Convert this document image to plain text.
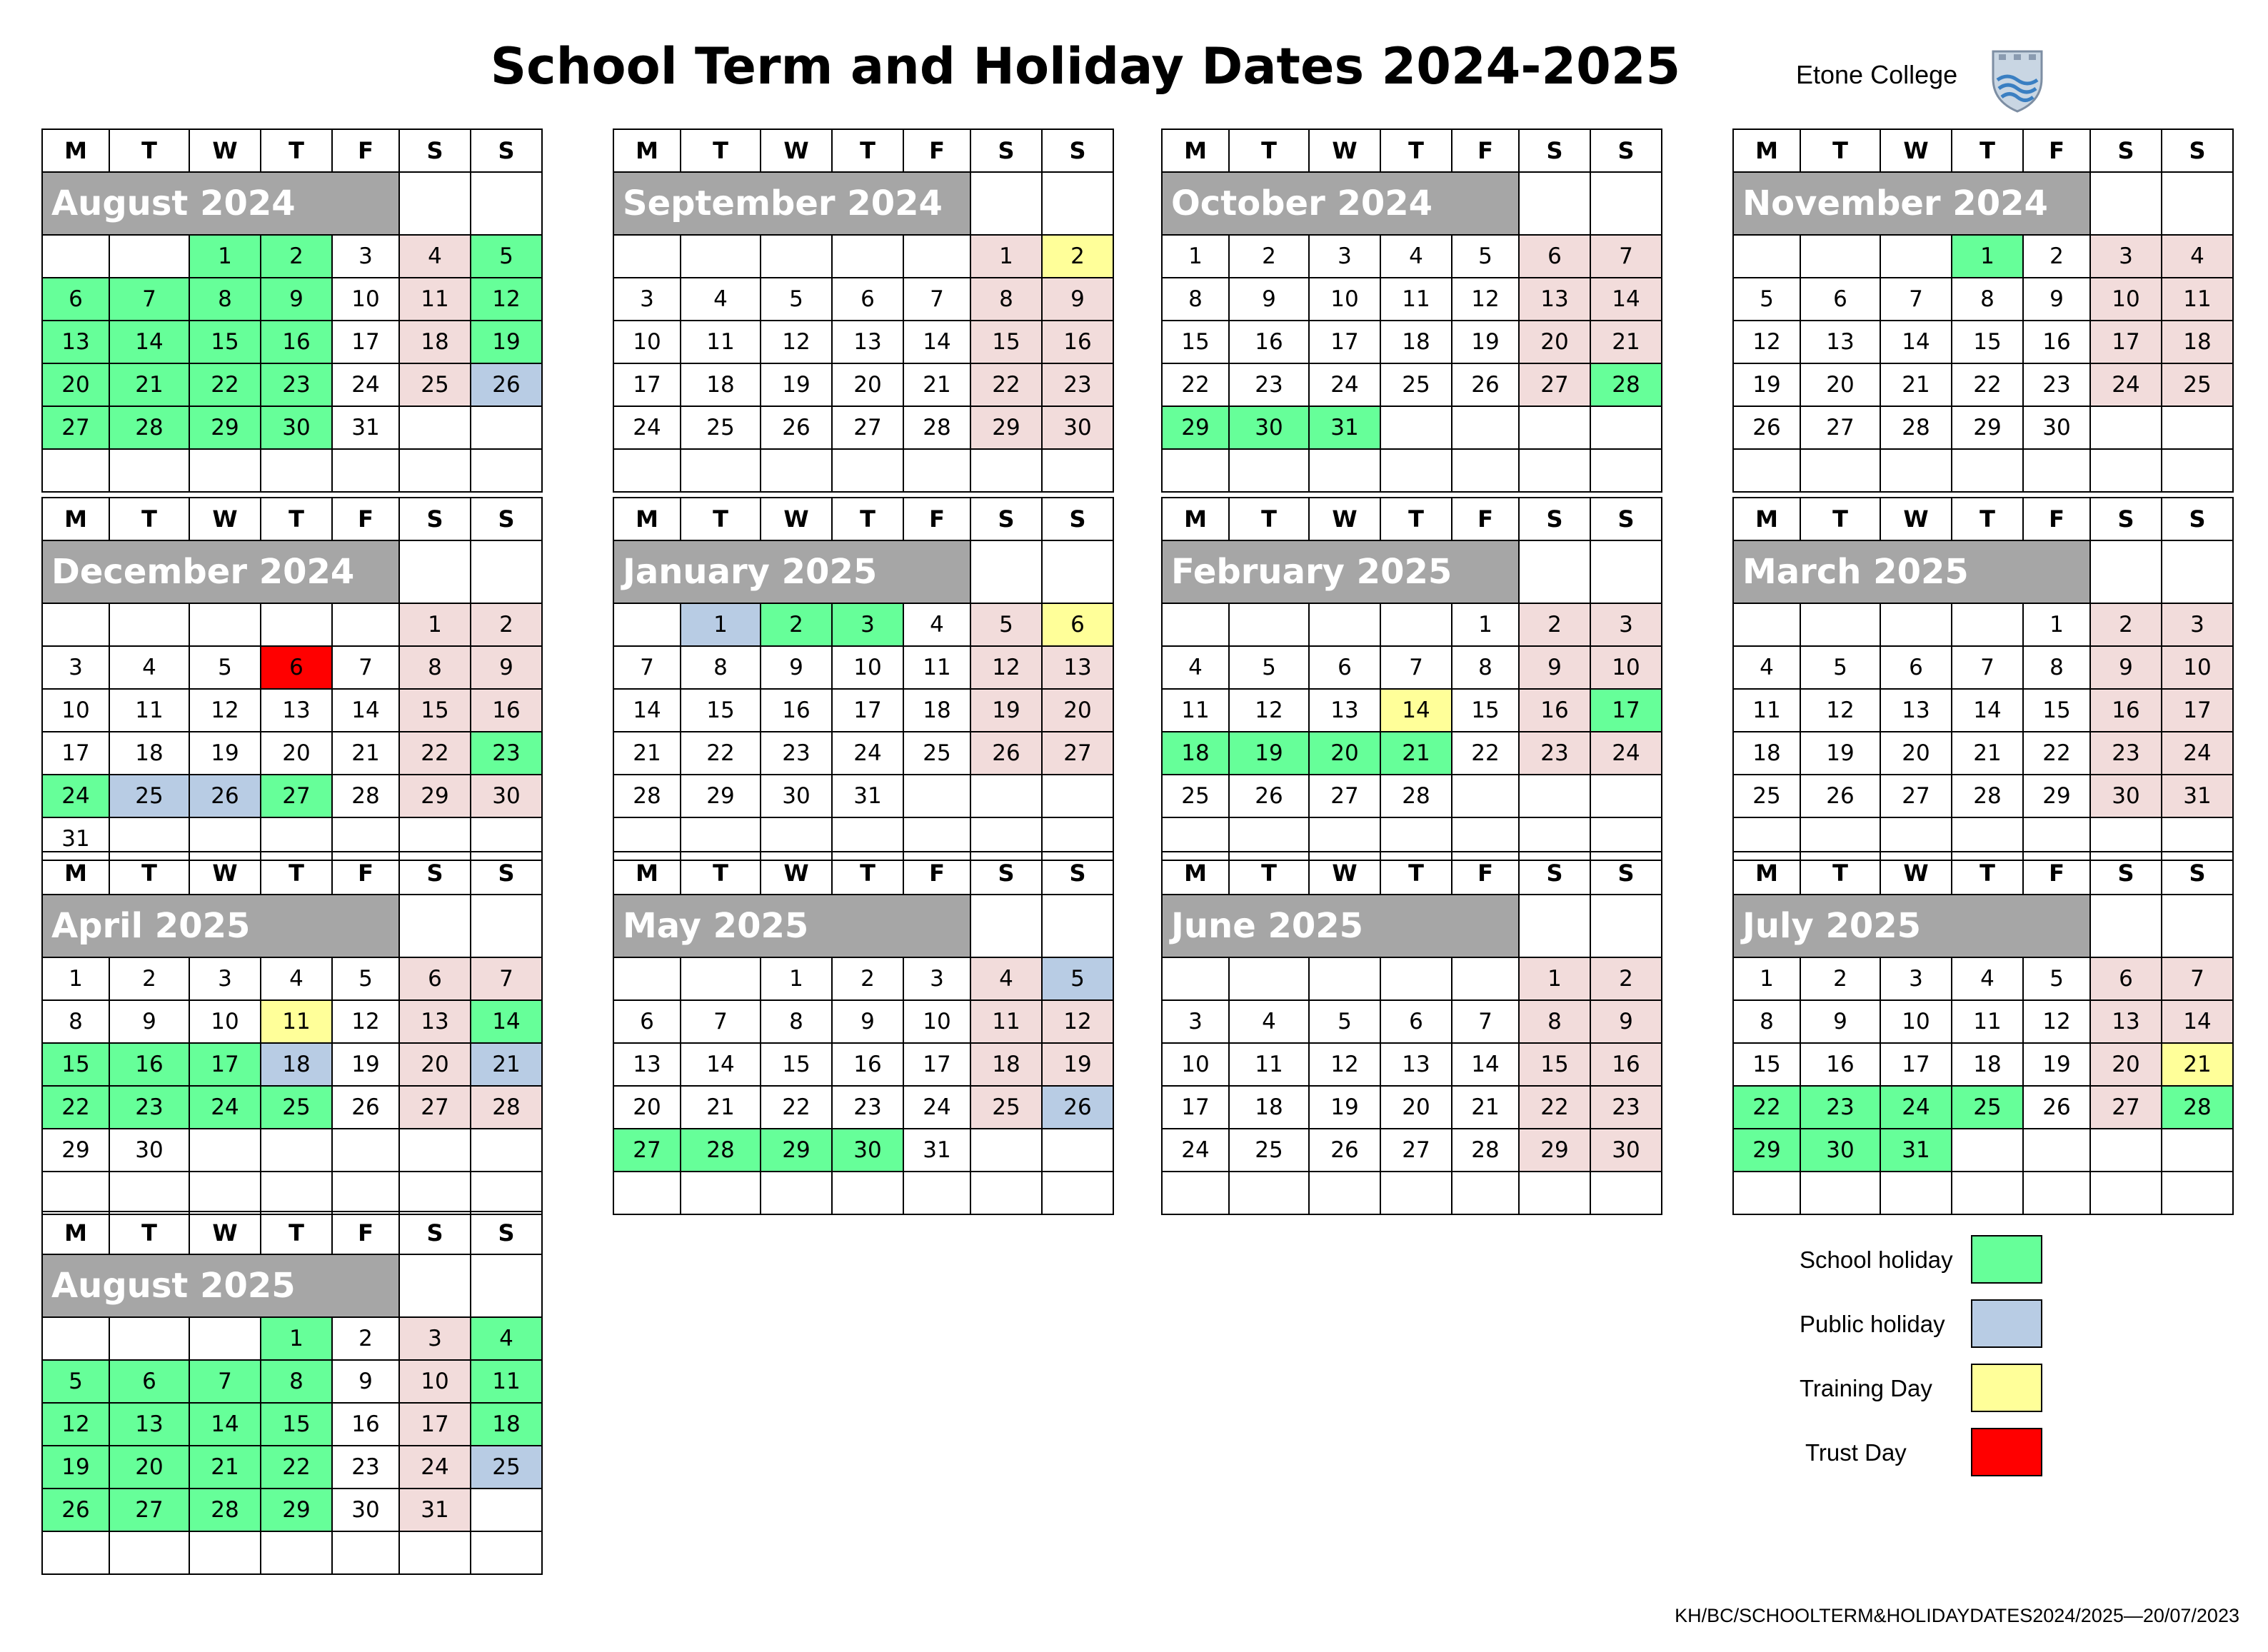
School Term and Holiday Dates 2024-2025	Etone College
M	T	W	T	F	S	S
August 2024						
		1	2	3	4	5
6	7	8	9	10	11	12
13	14	15	16	17	18	19
20	21	22	23	24	25	26
27	28	29	30	31		

M	T	W	T	F	S	S
September 2024						
					1	2
3	4	5	6	7	8	9
10	11	12	13	14	15	16
17	18	19	20	21	22	23
24	25	26	27	28	29	30

M	T	W	T	F	S	S
October 2024						
1	2	3	4	5	6	7
8	9	10	11	12	13	14
15	16	17	18	19	20	21
22	23	24	25	26	27	28
29	30	31				

M	T	W	T	F	S	S
November 2024						
			1	2	3	4
5	6	7	8	9	10	11
12	13	14	15	16	17	18
19	20	21	22	23	24	25
26	27	28	29	30		

M	T	W	T	F	S	S
December 2024						
					1	2
3	4	5	6	7	8	9
10	11	12	13	14	15	16
17	18	19	20	21	22	23
24	25	26	27	28	29	30
31						
M	T	W	T	F	S	S
January 2025						
	1	2	3	4	5	6
7	8	9	10	11	12	13
14	15	16	17	18	19	20
21	22	23	24	25	26	27
28	29	30	31			

M	T	W	T	F	S	S
February 2025						
				1	2	3
4	5	6	7	8	9	10
11	12	13	14	15	16	17
18	19	20	21	22	23	24
25	26	27	28			

M	T	W	T	F	S	S
March 2025						
				1	2	3
4	5	6	7	8	9	10
11	12	13	14	15	16	17
18	19	20	21	22	23	24
25	26	27	28	29	30	31

M	T	W	T	F	S	S
April 2025						
1	2	3	4	5	6	7
8	9	10	11	12	13	14
15	16	17	18	19	20	21
22	23	24	25	26	27	28
29	30					

M	T	W	T	F	S	S
May 2025						
		1	2	3	4	5
6	7	8	9	10	11	12
13	14	15	16	17	18	19
20	21	22	23	24	25	26
27	28	29	30	31		

M	T	W	T	F	S	S
June 2025						
					1	2
3	4	5	6	7	8	9
10	11	12	13	14	15	16
17	18	19	20	21	22	23
24	25	26	27	28	29	30

M	T	W	T	F	S	S
July 2025						
1	2	3	4	5	6	7
8	9	10	11	12	13	14
15	16	17	18	19	20	21
22	23	24	25	26	27	28
29	30	31				

M	T	W	T	F	S	S
August 2025						
			1	2	3	4
5	6	7	8	9	10	11
12	13	14	15	16	17	18
19	20	21	22	23	24	25
26	27	28	29	30	31	

School holiday
Public holiday
Training Day
Trust Day
KH/BC/SCHOOLTERM&HOLIDAYDATES2024/2025—20/07/2023
